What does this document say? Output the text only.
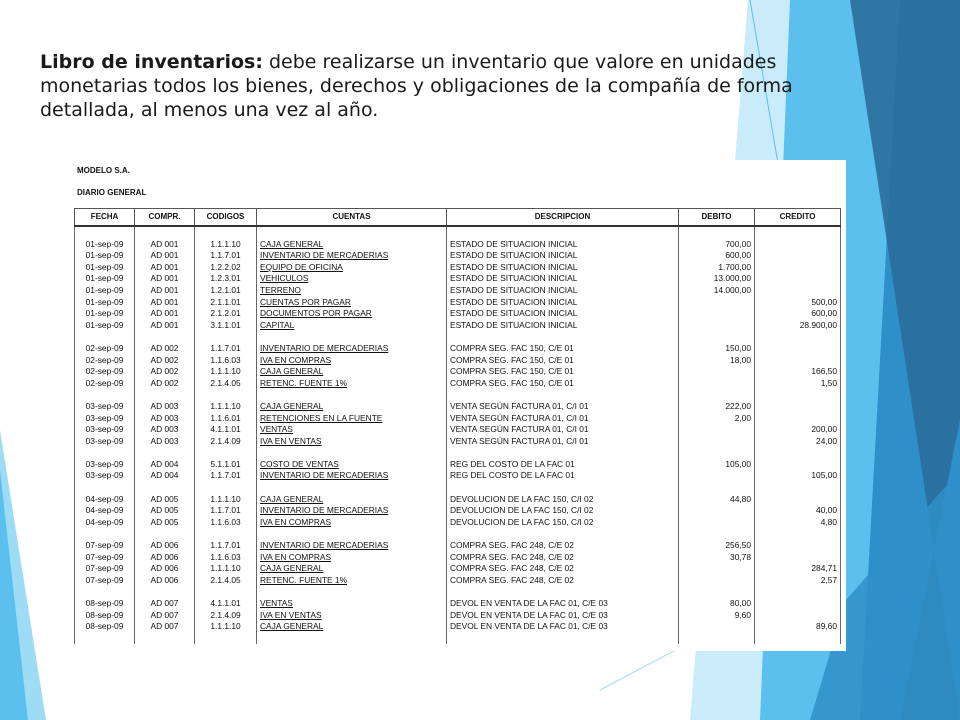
Libro de inventarios: debe realizarse un inventario que valore en unidades monetarias todos los bienes, derechos y obligaciones de la compañía de forma detallada, al menos una vez al año.

MODELO S.A.
DIARIO GENERAL
FECHA	COMPR.	CODIGOS	CUENTAS	DESCRIPCION	DEBITO	CREDITO

01-sep-09	AD 001	1.1.1.10	CAJA GENERAL	ESTADO DE SITUACION INICIAL	700,00	
01-sep-09	AD 001	1.1.7.01	INVENTARIO DE MERCADERIAS	ESTADO DE SITUACION INICIAL	600,00	
01-sep-09	AD 001	1.2.2.02	EQUIPO DE OFICINA	ESTADO DE SITUACION INICIAL	1.700,00	
01-sep-09	AD 001	1.2.3.01	VEHICULOS	ESTADO DE SITUACION INICIAL	13.000,00	
01-sep-09	AD 001	1.2.1.01	TERRENO	ESTADO DE SITUACION INICIAL	14.000,00	
01-sep-09	AD 001	2.1.1.01	CUENTAS POR PAGAR	ESTADO DE SITUACION INICIAL		500,00
01-sep-09	AD 001	2.1.2.01	DOCUMENTOS POR PAGAR	ESTADO DE SITUACION INICIAL		600,00
01-sep-09	AD 001	3.1.1.01	CAPITAL	ESTADO DE SITUACION INICIAL		28.900,00

02-sep-09	AD 002	1.1.7.01	INVENTARIO DE MERCADERIAS	COMPRA SEG. FAC 150, C/E 01	150,00	
02-sep-09	AD 002	1.1.6.03	IVA EN COMPRAS	COMPRA SEG. FAC 150, C/E 01	18,00	
02-sep-09	AD 002	1.1.1.10	CAJA GENERAL	COMPRA SEG. FAC 150, C/E 01		166,50
02-sep-09	AD 002	2.1.4.05	RETENC. FUENTE 1%	COMPRA SEG. FAC 150, C/E 01		1,50

03-sep-09	AD 003	1.1.1.10	CAJA GENERAL	VENTA SEGÚN FACTURA 01, C/I 01	222,00	
03-sep-09	AD 003	1.1.6.01	RETENCIONES EN LA FUENTE	VENTA SEGÚN FACTURA 01, C/I 01	2,00	
03-sep-09	AD 003	4.1.1.01	VENTAS	VENTA SEGÚN FACTURA 01, C/I 01		200,00
03-sep-09	AD 003	2.1.4.09	IVA EN VENTAS	VENTA SEGÚN FACTURA 01, C/I 01		24,00

03-sep-09	AD 004	5.1.1.01	COSTO DE VENTAS	REG DEL COSTO DE LA FAC 01	105,00	
03-sep-09	AD 004	1.1.7.01	INVENTARIO DE MERCADERIAS	REG DEL COSTO DE LA FAC 01		105,00

04-sep-09	AD 005	1.1.1.10	CAJA GENERAL	DEVOLUCION DE LA FAC 150, C/I 02	44,80	
04-sep-09	AD 005	1.1.7.01	INVENTARIO DE MERCADERIAS	DEVOLUCION DE LA FAC 150, C/I 02		40,00
04-sep-09	AD 005	1.1.6.03	IVA EN COMPRAS	DEVOLUCION DE LA FAC 150, C/I 02		4,80

07-sep-09	AD 006	1.1.7.01	INVENTARIO DE MERCADERIAS	COMPRA SEG. FAC 248, C/E 02	256,50	
07-sep-09	AD 006	1.1.6.03	IVA EN COMPRAS	COMPRA SEG. FAC 248, C/E 02	30,78	
07-sep-09	AD 006	1.1.1.10	CAJA GENERAL	COMPRA SEG. FAC 248, C/E 02		284,71
07-sep-09	AD 006	2.1.4.05	RETENC. FUENTE 1%	COMPRA SEG. FAC 248, C/E 02		2,57

08-sep-09	AD 007	4.1.1.01	VENTAS	DEVOL EN VENTA DE LA FAC 01, C/E 03	80,00	
08-sep-09	AD 007	2.1.4.09	IVA EN VENTAS	DEVOL EN VENTA DE LA FAC 01, C/E 03	9,60	
08-sep-09	AD 007	1.1.1.10	CAJA GENERAL	DEVOL EN VENTA DE LA FAC 01, C/E 03		89,60
